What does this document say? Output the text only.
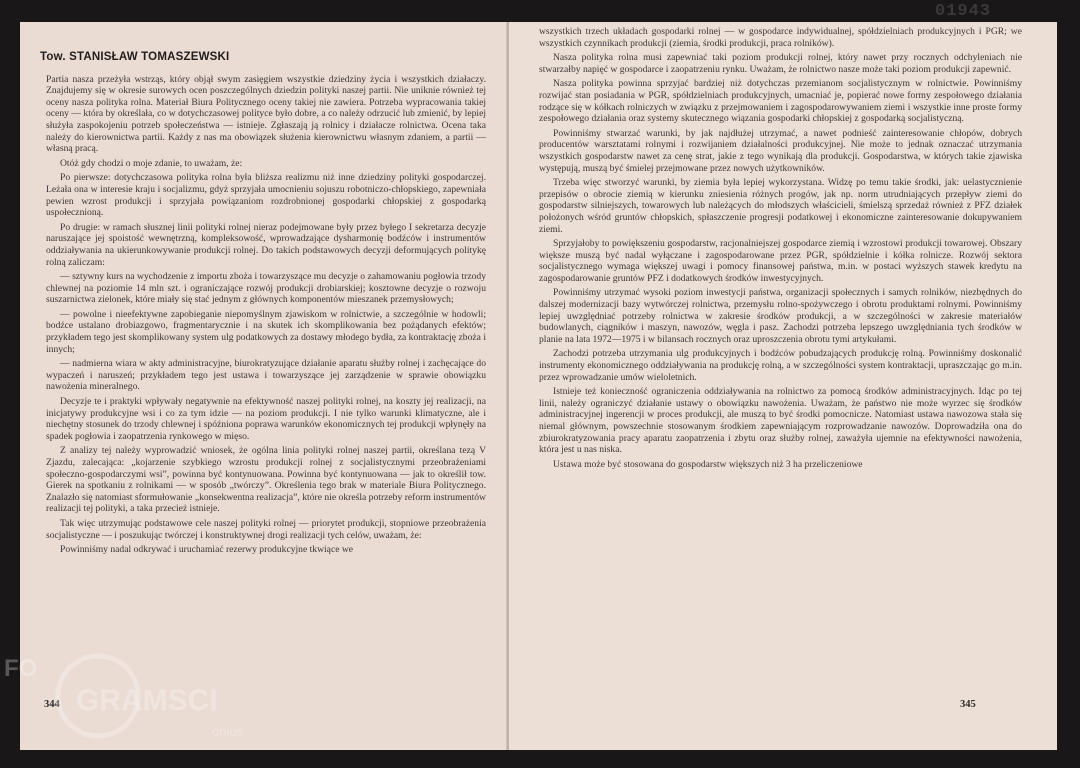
Tow. STANISŁAW TOMASZEWSKI

Partia nasza przeżyła wstrząs, który objął swym zasięgiem wszystkie dziedziny życia i wszystkich działaczy. Znajdujemy się w okresie surowych ocen poszczególnych dziedzin polityki naszej partii. Nie uniknie również tej oceny nasza polityka rolna. Materiał Biura Politycznego oceny takiej nie zawiera. Potrzeba wypracowania takiej oceny — która by określała, co w dotychczasowej polityce było dobre, a co należy odrzucić lub zmienić, by lepiej służyła zaspokojeniu potrzeb społeczeństwa — istnieje. Zgłaszają ją rolnicy i działacze rolnictwa. Ocena taka należy do kierownictwa partii. Każdy z nas ma obowiązek służenia kierownictwu własnym zdaniem, a partii — własną pracą.

Otóż gdy chodzi o moje zdanie, to uważam, że:

Po pierwsze: dotychczasowa polityka rolna była bliższa realizmu niż inne dziedziny polityki gospodarczej. Leżała ona w interesie kraju i socjalizmu, gdyż sprzyjała umocnieniu sojuszu robotniczo-chłopskiego, zapewniała pewien wzrost produkcji i sprzyjała powiązaniom rozdrobnionej gospodarki chłopskiej z gospodarką uspołecznioną.

Po drugie: w ramach słusznej linii polityki rolnej nieraz podejmowane były przez byłego I sekretarza decyzje naruszające jej spoistość wewnętrzną, kompleksowość, wprowadzające dysharmonię bodźców i instrumentów oddziaływania na ukierunkowywanie produkcji rolnej. Do takich podstawowych decyzji deformujących politykę rolną zaliczam:

— sztywny kurs na wychodzenie z importu zboża i towarzyszące mu decyzje o zahamowaniu pogłowia trzody chlewnej na poziomie 14 mln szt. i ograniczające rozwój produkcji drobiarskiej; kosztowne decyzje o rozwoju suszarnictwa zielonek, które miały się stać jednym z głównych komponentów mieszanek przemysłowych;

— powolne i nieefektywne zapobieganie niepomyślnym zjawiskom w rolnictwie, a szczególnie w hodowli; bodźce ustalano drobiazgowo, fragmentarycznie i na skutek ich skomplikowania bez pożądanych efektów; przykładem tego jest skomplikowany system ulg podatkowych za dostawy młodego bydła, za kontraktację zboża i innych;

— nadmierna wiara w akty administracyjne, biurokratyzujące działanie aparatu służby rolnej i zachęcające do wypaczeń i naruszeń; przykładem tego jest ustawa i towarzyszące jej zarządzenie w sprawie obowiązku nawożenia mineralnego.

Decyzje te i praktyki wpływały negatywnie na efektywność naszej polityki rolnej, na koszty jej realizacji, na inicjatywy produkcyjne wsi i co za tym idzie — na poziom produkcji. I nie tylko warunki klimatyczne, ale i niechętny stosunek do trzody chlewnej i spóźniona poprawa warunków ekonomicznych tej produkcji wpłynęły na spadek pogłowia i zaopatrzenia rynkowego w mięso.

Z analizy tej należy wyprowadzić wniosek, że ogólna linia polityki rolnej naszej partii, określana tezą V Zjazdu, zalecająca: „kojarzenie szybkiego wzrostu produkcji rolnej z socjalistycznymi przeobrażeniami społeczno-gospodarczymi wsi”, powinna być kontynuowana. Powinna być kontynuowana — jak to określił tow. Gierek na spotkaniu z rolnikami — w sposób „twórczy”. Określenia tego brak w materiale Biura Politycznego. Znalazło się natomiast sformułowanie „konsekwentna realizacja”, które nie określa potrzeby reform instrumentów realizacji tej polityki, a taka przecież istnieje.

Tak więc utrzymując podstawowe cele naszej polityki rolnej — priorytet produkcji, stopniowe przeobrażenia socjalistyczne — i poszukując twórczej i konstruktywnej drogi realizacji tych celów, uważam, że:

Powinniśmy nadal odkrywać i uruchamiać rezerwy produkcyjne tkwiące we

344

wszystkich trzech układach gospodarki rolnej — w gospodarce indywidualnej, spółdzielniach produkcyjnych i PGR; we wszystkich czynnikach produkcji (ziemia, środki produkcji, praca rolników).

Nasza polityka rolna musi zapewniać taki poziom produkcji rolnej, który nawet przy rocznych odchyleniach nie stwarzałby napięć w gospodarce i zaopatrzeniu rynku. Uważam, że rolnictwo nasze może taki poziom produkcji zapewnić.

Nasza polityka powinna sprzyjać bardziej niż dotychczas przemianom socjalistycznym w rolnictwie. Powinniśmy rozwijać stan posiadania w PGR, spółdzielniach produkcyjnych, umacniać je, popierać nowe formy zespołowego działania rodzące się w kółkach rolniczych w związku z przejmowaniem i zagospodarowywaniem ziemi i wszystkie inne proste formy zespołowego działania oraz systemy skutecznego wiązania gospodarki chłopskiej z gospodarką socjalistyczną.

Powinniśmy stwarzać warunki, by jak najdłużej utrzymać, a nawet podnieść zainteresowanie chłopów, dobrych producentów warsztatami rolnymi i rozwijaniem działalności produkcyjnej. Nie może to jednak oznaczać utrzymania wszystkich gospodarstw nawet za cenę strat, jakie z tego wynikają dla produkcji. Gospodarstwa, w których takie zjawiska występują, muszą być śmielej przejmowane przez nowych użytkowników.

Trzeba więc stworzyć warunki, by ziemia była lepiej wykorzystana. Widzę po temu takie środki, jak: uelastycznienie przepisów o obrocie ziemią w kierunku zniesienia różnych progów, jak np. norm utrudniających przepływ ziemi do gospodarstw silniejszych, towarowych lub należących do młodszych właścicieli, śmielszą sprzedaż również z PFZ działek położonych wśród gruntów chłopskich, spłaszczenie progresji podatkowej i ekonomiczne zainteresowanie dokupywaniem ziemi.

Sprzyjałoby to powiększeniu gospodarstw, racjonalniejszej gospodarce ziemią i wzrostowi produkcji towarowej. Obszary większe muszą być nadal wyłączane i zagospodarowane przez PGR, spółdzielnie i kółka rolnicze. Rozwój sektora socjalistycznego wymaga większej uwagi i pomocy finansowej państwa, m.in. w postaci wyższych stawek kredytu na zagospodarowanie gruntów PFZ i dodatkowych środków inwestycyjnych.

Powinniśmy utrzymać wysoki poziom inwestycji państwa, organizacji społecznych i samych rolników, niezbędnych do dalszej modernizacji bazy wytwórczej rolnictwa, przemysłu rolno-spożywczego i obrotu produktami rolnymi. Powinniśmy lepiej uwzględniać potrzeby rolnictwa w zakresie środków produkcji, a w szczególności w zakresie materiałów budowlanych, ciągników i maszyn, nawozów, węgla i pasz. Zachodzi potrzeba lepszego uwzględniania tych środków w planie na lata 1972—1975 i w bilansach rocznych oraz uproszczenia obrotu tymi artykułami.

Zachodzi potrzeba utrzymania ulg produkcyjnych i bodźców pobudzających produkcję rolną. Powinniśmy doskonalić instrumenty ekonomicznego oddziaływania na produkcję rolną, a w szczególności system kontraktacji, upraszczając go m.in. przez wprowadzanie umów wieloletnich.

Istnieje też konieczność ograniczenia oddziaływania na rolnictwo za pomocą środków administracyjnych. Idąc po tej linii, należy ograniczyć działanie ustawy o obowiązku nawożenia. Uważam, że państwo nie może wyrzec się środków administracyjnej ingerencji w proces produkcji, ale muszą to być środki pomocnicze. Natomiast ustawa nawozowa stała się niemal głównym, powszechnie stosowanym środkiem zapewniającym rozprowadzanie nawozów. Doprowadziła ona do zbiurokratyzowania pracy aparatu zaopatrzenia i zbytu oraz służby rolnej, zaważyła ujemnie na efektywności nawożenia, która jest u nas niska.

Ustawa może być stosowana do gospodarstw większych niż 3 ha przeliczeniowe

345
01943
FO
GRAMSCI
onlus
